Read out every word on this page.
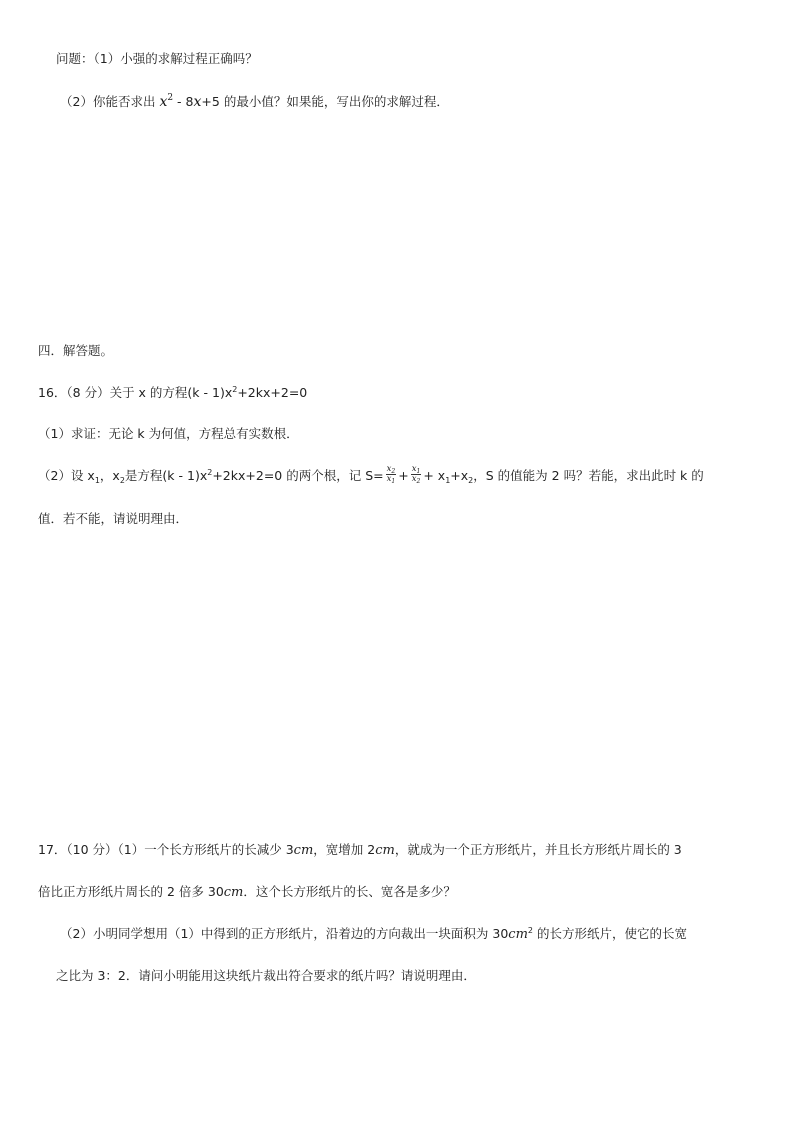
问题：（1）小强的求解过程正确吗？
（2）你能否求出 $x^2 - 8x+5$ 的最小值？如果能，写出你的求解过程．
四．解答题。
16．（8 分）关于 x 的方程$(k - 1)x^2+2kx+2=0$
（1）求证：无论 k 为何值，方程总有实数根．
（2）设 $x_1$，$x_2$是方程$(k - 1)x^2+2kx+2=0$ 的两个根，记 $S= \frac{x_2}{x_1} + \frac{x_1}{x_2} + x_1+x_2$，S 的值能为 2 吗？若能，求出此时 k 的
值．若不能，请说明理由．
17．（10 分）（1）一个长方形纸片的长减少 3cm，宽增加 2cm，就成为一个正方形纸片，并且长方形纸片周长的 3
倍比正方形纸片周长的 2 倍多 30cm．这个长方形纸片的长、宽各是多少？
（2）小明同学想用（1）中得到的正方形纸片，沿着边的方向裁出一块面积为 $30cm^2$ 的长方形纸片，使它的长宽
之比为 3：2．请问小明能用这块纸片裁出符合要求的纸片吗？请说明理由．
